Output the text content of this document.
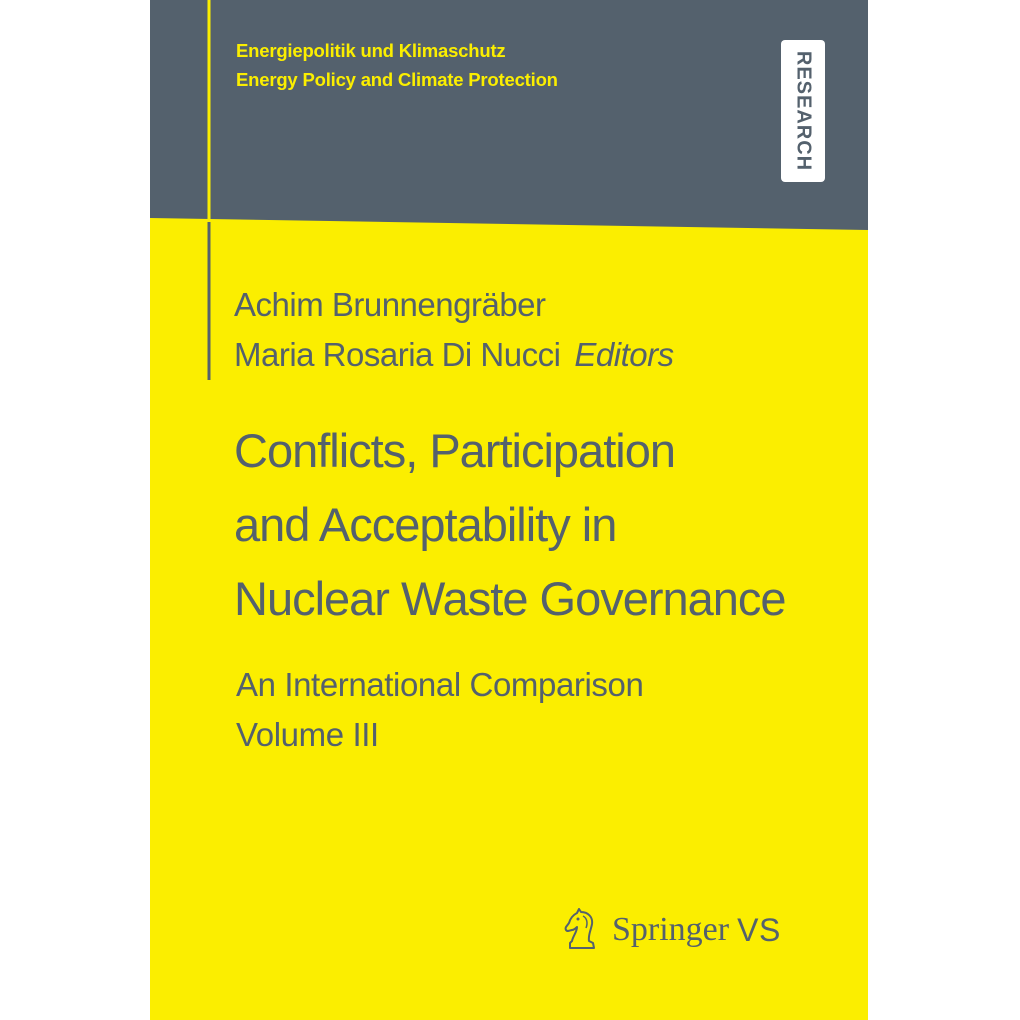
Energiepolitik und Klimaschutz
Energy Policy and Climate Protection	RESEARCH
Achim Brunnengräber
Maria Rosaria Di Nucci Editors
Conflicts, Participation
and Acceptability in
Nuclear Waste Governance
An International Comparison
Volume III
Springer VS
